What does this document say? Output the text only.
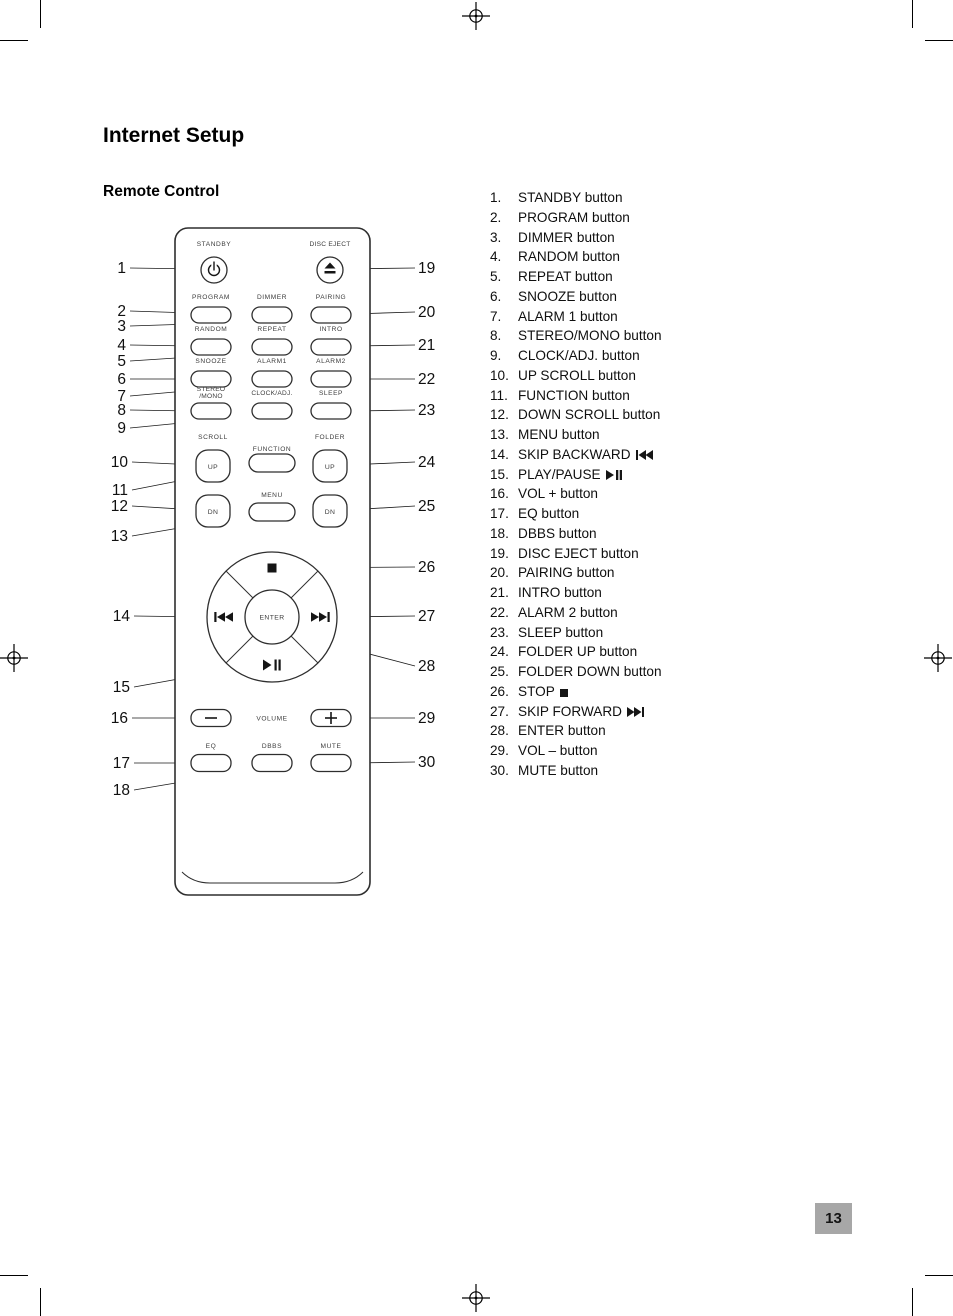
Internet Setup
Remote Control	1. STANDBY button
2. PROGRAM button
3. DIMMER button
4. RANDOM button
5. REPEAT button
6. SNOOZE button
7. ALARM 1 button
8. STEREO/MONO button
9. CLOCK/ADJ. button
10. UP SCROLL button
11. FUNCTION button
12. DOWN SCROLL button
13. MENU button
14. SKIP BACKWARD
15. PLAY/PAUSE
16. VOL + button
17. EQ button
18. DBBS button
19. DISC EJECT button
20. PAIRING button
21. INTRO button
22. ALARM 2 button
23. SLEEP button
24. FOLDER UP button
25. FOLDER DOWN button
26. STOP
27. SKIP FORWARD
28. ENTER button
29. VOL – button
30. MUTE button
1
2
3
4
5
6
7
8
9
10
11
12
13
14
15
16
17
18
19
20
21
22
23
24
25
26
27
28
29
30
STANDBY	DISC EJECT
PROGRAM	DIMMER	PAIRING
RANDOM	REPEAT	INTRO
SNOOZE	ALARM1	ALARM2
STEREO
/MONO	CLOCK/ADJ.	SLEEP
SCROLL	FOLDER
UP
FUNCTION
UP
DN
MENU
DN
ENTER
VOLUME
EQ	DBBS	MUTE
13
